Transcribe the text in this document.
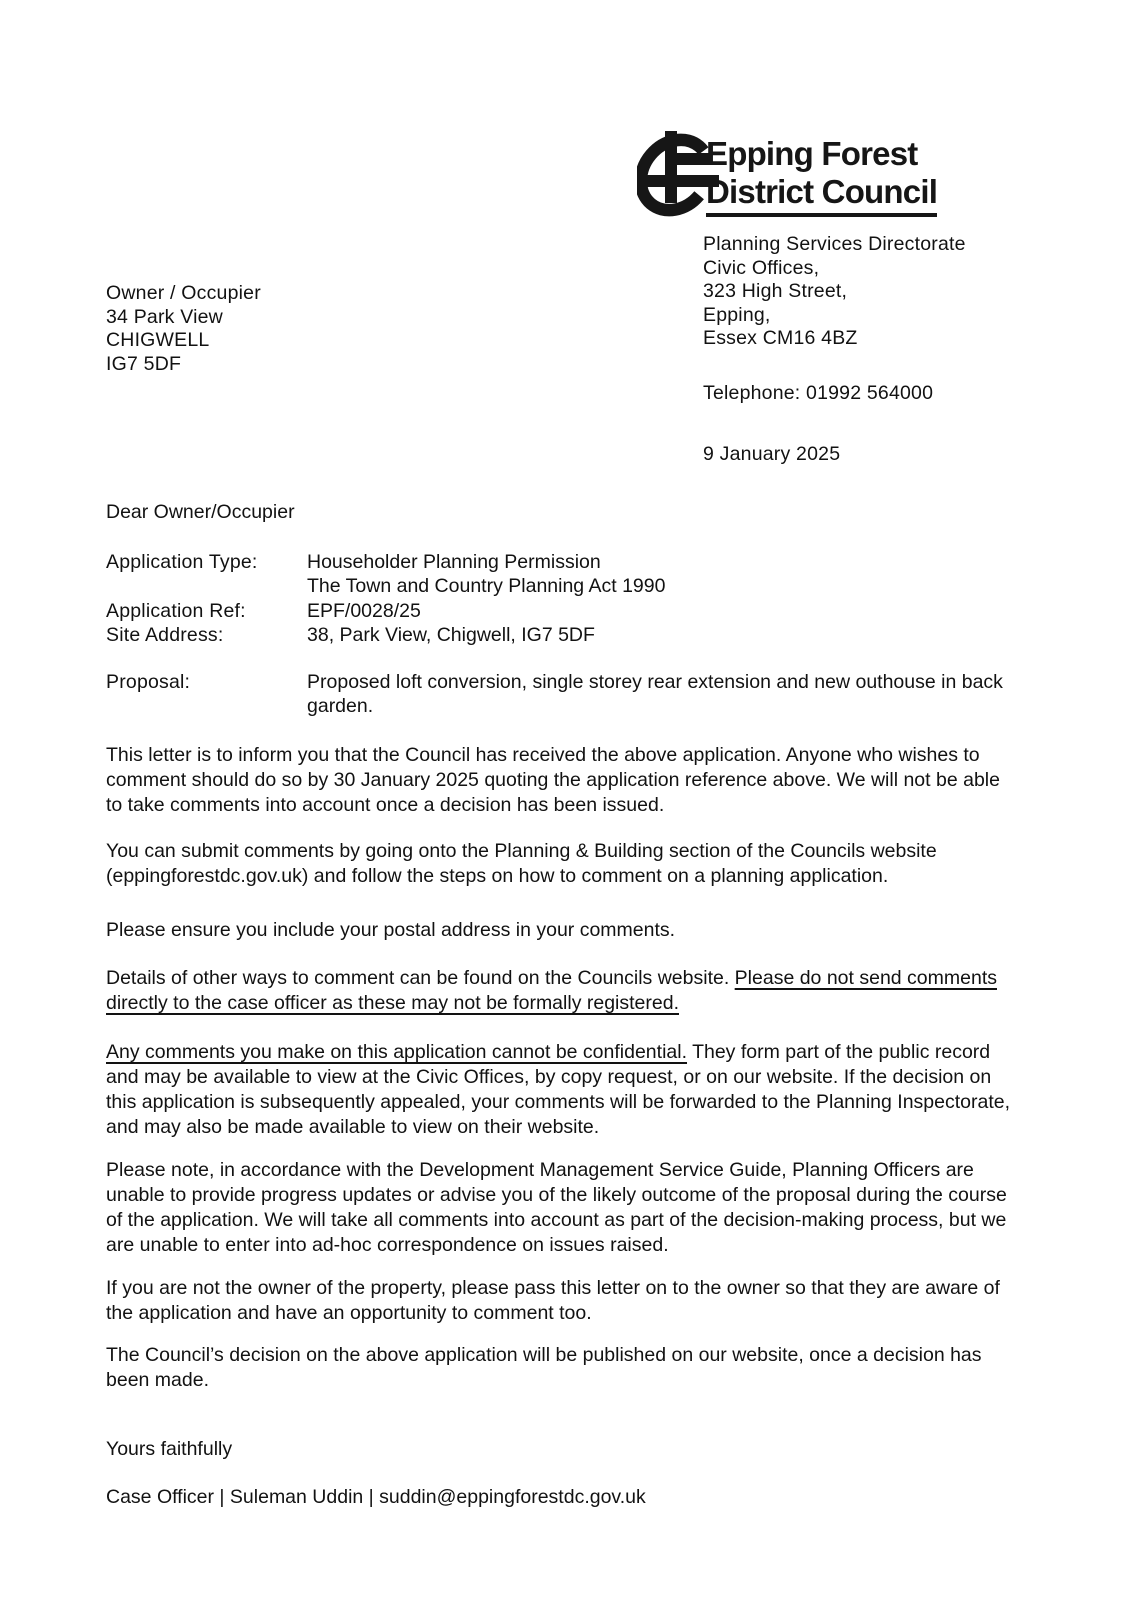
Epping Forest
District Council
Planning Services Directorate
Civic Offices,
323 High Street,
Epping,
Essex CM16 4BZ
Telephone: 01992 564000
9 January 2025
Owner / Occupier
34 Park View
CHIGWELL
IG7 5DF

Dear Owner/Occupier

Application Type:	Householder Planning Permission
The Town and Country Planning Act 1990
Application Ref:	EPF/0028/25
Site Address:	38, Park View, Chigwell, IG7 5DF
Proposal:	Proposed loft conversion, single storey rear extension and new outhouse in back garden.

This letter is to inform you that the Council has received the above application. Anyone who wishes to comment should do so by 30 January 2025 quoting the application reference above. We will not be able to take comments into account once a decision has been issued.

You can submit comments by going onto the Planning & Building section of the Councils website (eppingforestdc.gov.uk) and follow the steps on how to comment on a planning application.

Please ensure you include your postal address in your comments.

Details of other ways to comment can be found on the Councils website. Please do not send comments directly to the case officer as these may not be formally registered.

Any comments you make on this application cannot be confidential. They form part of the public record and may be available to view at the Civic Offices, by copy request, or on our website. If the decision on this application is subsequently appealed, your comments will be forwarded to the Planning Inspectorate, and may also be made available to view on their website.

Please note, in accordance with the Development Management Service Guide, Planning Officers are unable to provide progress updates or advise you of the likely outcome of the proposal during the course of the application. We will take all comments into account as part of the decision-making process, but we are unable to enter into ad-hoc correspondence on issues raised.

If you are not the owner of the property, please pass this letter on to the owner so that they are aware of the application and have an opportunity to comment too.

The Council’s decision on the above application will be published on our website, once a decision has been made.

Yours faithfully

Case Officer | Suleman Uddin | suddin@eppingforestdc.gov.uk
